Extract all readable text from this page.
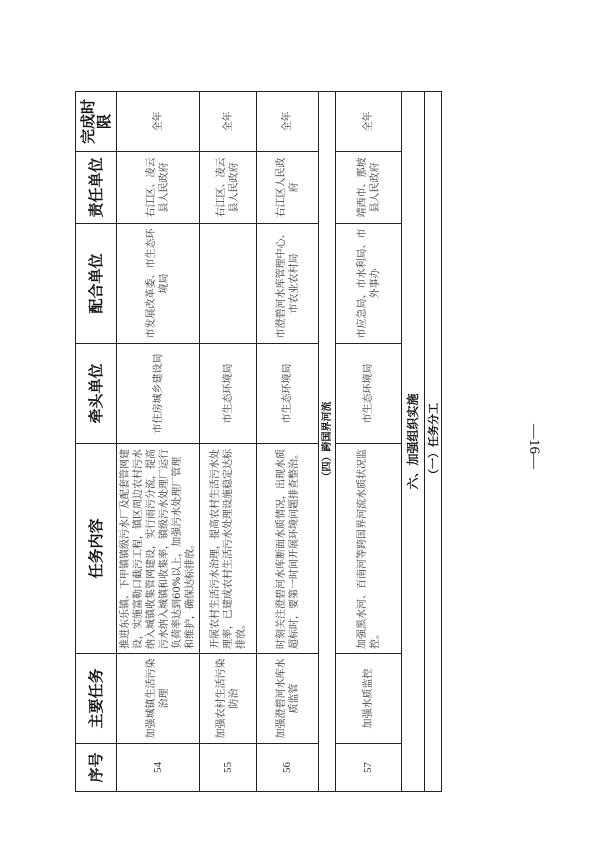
序号	主要任务	任务内容	牵头单位	配合单位	责任单位	完成时限
54	加强城镇生活污染治理	推进东乐镇、下甲镇镇级污水厂及配套管网建设，实施富勒口截污工程，镇区周边农村污水纳入城镇收集管网建设，实行雨污分流，提高污水纳入城镇和收集率，镇级污水处理厂运行负荷率达到60%以上，加强污水处理厂管理和维护，确保达标排放。	市住房城乡建设局	市发展改革委、市生态环境局	右江区、凌云县人民政府	全年
55	加强农村生活污染防治	开展农村生活污水治理，提高农村生活污水处理率，已建成农村生活污水处理设施稳定达标排放。	市生态环境局		右江区、凌云县人民政府	全年
56	加强澄碧河水库水质监管	时刻关注澄碧河水库断面水质情况，出现水质超标时，要第一时间开展环境问题排查整治。	市生态环境局	市澄碧河水库管理中心、市农业农村局	右江区人民政府	全年
（四）跨国界河流						
57	加强水质监控	加强黑水河、百南河等跨国界河流水质状况监控。	市生态环境局	市应急局、市水利局、市外事办	靖西市、那坡县人民政府	全年
六、加强组织实施						
（一）任务分工							—16—
